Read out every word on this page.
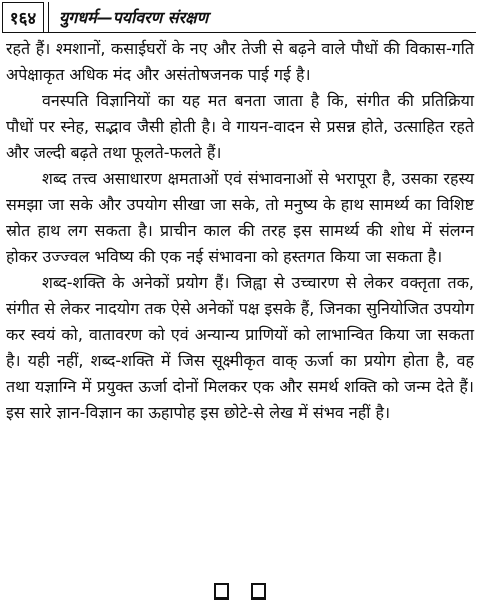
१६४	युगधर्म—पर्यावरण संरक्षण

रहते हैं। श्मशानों, कसाईघरों के नए और तेजी से बढ़ने वाले पौधों की विकास-गति अपेक्षाकृत अधिक मंद और असंतोषजनक पाई गई है।

वनस्पति विज्ञानियों का यह मत बनता जाता है कि, संगीत की प्रतिक्रिया पौधों पर स्नेह, सद्भाव जैसी होती है। वे गायन-वादन से प्रसन्न होते, उत्साहित रहते और जल्दी बढ़ते तथा फूलते-फलते हैं।

शब्द तत्त्व असाधारण क्षमताओं एवं संभावनाओं से भरापूरा है, उसका रहस्य समझा जा सके और उपयोग सीखा जा सके, तो मनुष्य के हाथ सामर्थ्य का विशिष्ट स्रोत हाथ लग सकता है। प्राचीन काल की तरह इस सामर्थ्य की शोध में संलग्न होकर उज्ज्वल भविष्य की एक नई संभावना को हस्तगत किया जा सकता है।

शब्द-शक्ति के अनेकों प्रयोग हैं। जिह्वा से उच्चारण से लेकर वक्तृता तक, संगीत से लेकर नादयोग तक ऐसे अनेकों पक्ष इसके हैं, जिनका सुनियोजित उपयोग कर स्वयं को, वातावरण को एवं अन्यान्य प्राणियों को लाभान्वित किया जा सकता है। यही नहीं, शब्द-शक्ति में जिस सूक्ष्मीकृत वाक् ऊर्जा का प्रयोग होता है, वह तथा यज्ञाग्नि में प्रयुक्त ऊर्जा दोनों मिलकर एक और समर्थ शक्ति को जन्म देते हैं। इस सारे ज्ञान-विज्ञान का ऊहापोह इस छोटे-से लेख में संभव नहीं है।
